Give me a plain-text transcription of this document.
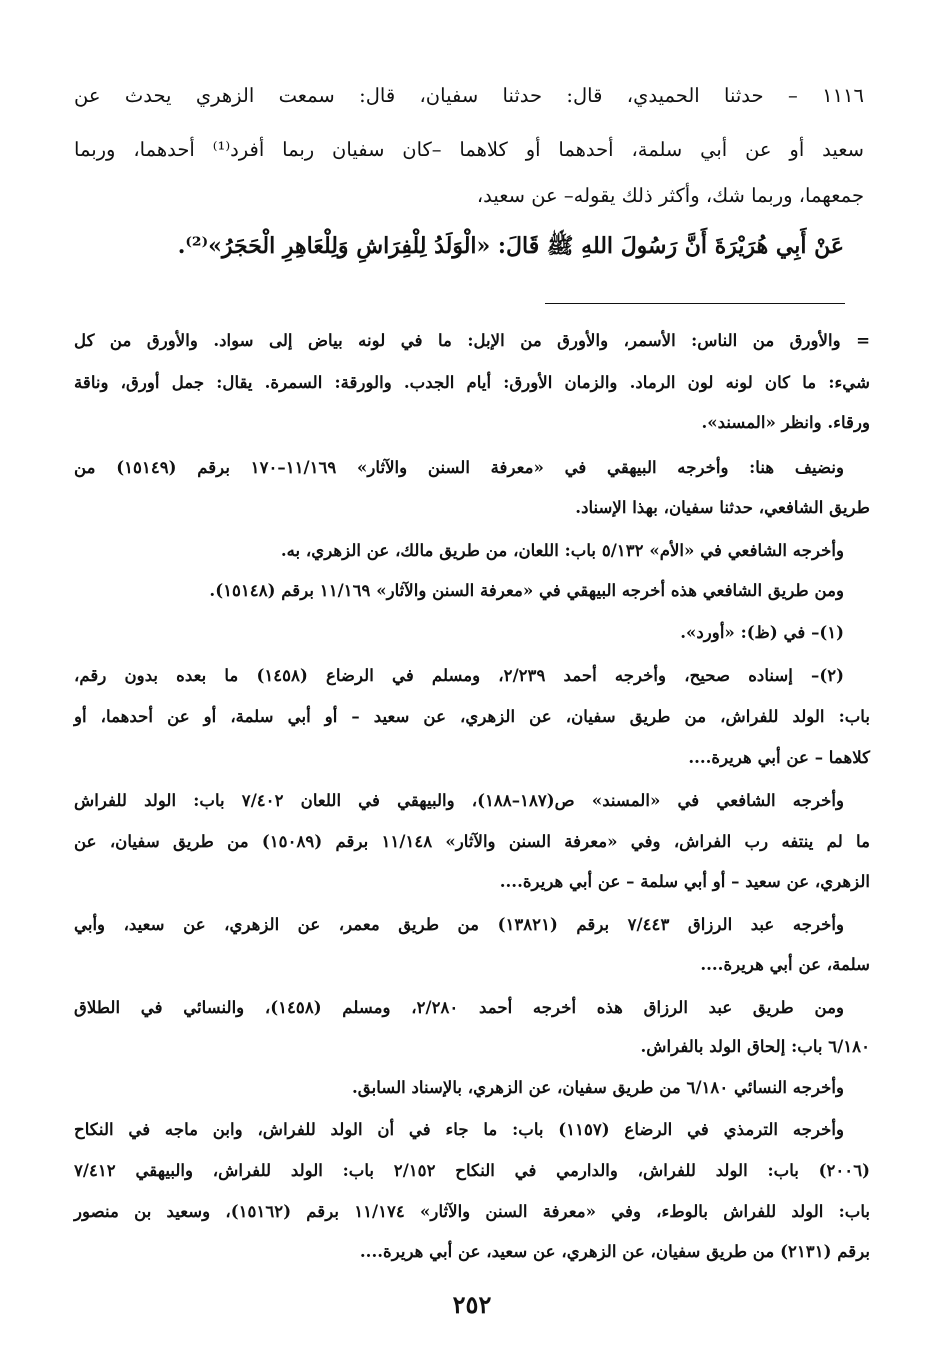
١١١٦ – حدثنا الحميدي، قال: حدثنا سفيان، قال: سمعت الزهري يحدث عن
سعيد أو عن أبي سلمة، أحدهما أو كلاهما –كان سفيان ربما أفرد⁽¹⁾ أحدهما، وربما
جمعهما، وربما شك، وأكثر ذلك يقوله– عن سعيد،
عَنْ أَبِي هُرَيْرَةَ أَنَّ رَسُولَ اللهِ ﷺ قَالَ: «الْوَلَدُ لِلْفِرَاشِ وَلِلْعَاهِرِ الْحَجَرُ»⁽²⁾.
= والأورق من الناس: الأسمر، والأورق من الإبل: ما في لونه بياض إلى سواد. والأورق من كل
شيء: ما كان لونه لون الرماد. والزمان الأورق: أيام الجدب. والورقة: السمرة. يقال: جمل أورق، وناقة
ورقاء. وانظر «المسند».
ونضيف هنا: وأخرجه البيهقي في «معرفة السنن والآثار» ١١/١٦٩–١٧٠ برقم (١٥١٤٩) من
طريق الشافعي، حدثنا سفيان، بهذا الإسناد.
وأخرجه الشافعي في «الأم» ٥/١٣٢ باب: اللعان، من طريق مالك، عن الزهري، به.
ومن طريق الشافعي هذه أخرجه البيهقي في «معرفة السنن والآثار» ١١/١٦٩ برقم (١٥١٤٨).
(١)– في (ظ): «أورد».
(٢)– إسناده صحيح، وأخرجه أحمد ٢/٢٣٩، ومسلم في الرضاع (١٤٥٨) ما بعده بدون رقم،
باب: الولد للفراش، من طريق سفيان، عن الزهري، عن سعيد – أو أبي سلمة، أو عن أحدهما، أو
كلاهما – عن أبي هريرة....
وأخرجه الشافعي في «المسند» ص(١٨٧–١٨٨)، والبيهقي في اللعان ٧/٤٠٢ باب: الولد للفراش
ما لم ينتفه رب الفراش، وفي «معرفة السنن والآثار» ١١/١٤٨ برقم (١٥٠٨٩) من طريق سفيان، عن
الزهري، عن سعيد – أو أبي سلمة – عن أبي هريرة....
وأخرجه عبد الرزاق ٧/٤٤٣ برقم (١٣٨٢١) من طريق معمر، عن الزهري، عن سعيد، وأبي
سلمة، عن أبي هريرة....
ومن طريق عبد الرزاق هذه أخرجه أحمد ٢/٢٨٠، ومسلم (١٤٥٨)، والنسائي في الطلاق
٦/١٨٠ باب: إلحاق الولد بالفراش.
وأخرجه النسائي ٦/١٨٠ من طريق سفيان، عن الزهري، بالإسناد السابق.
وأخرجه الترمذي في الرضاع (١١٥٧) باب: ما جاء في أن الولد للفراش، وابن ماجه في النكاح
(٢٠٠٦) باب: الولد للفراش، والدارمي في النكاح ٢/١٥٢ باب: الولد للفراش، والبيهقي ٧/٤١٢
باب: الولد للفراش بالوطء، وفي «معرفة السنن والآثار» ١١/١٧٤ برقم (١٥١٦٢)، وسعيد بن منصور
برقم (٢١٣١) من طريق سفيان، عن الزهري، عن سعيد، عن أبي هريرة....
٢٥٢
